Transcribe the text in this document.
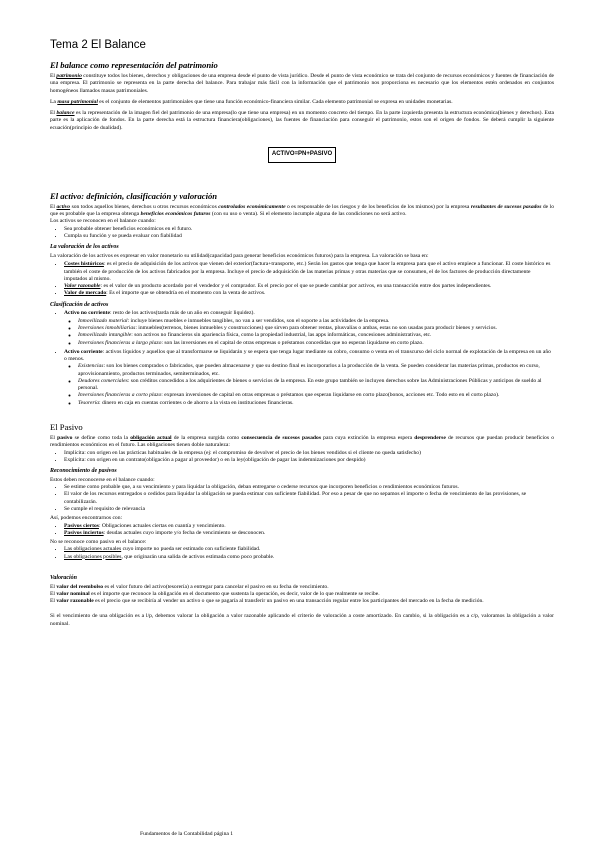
Tema 2 El Balance
El balance como representación del patrimonio

El patrimonio constituye todos los bienes, derechos y obligaciones de una empresa desde el punto de vista jurídico. Desde el punto de vista económico se trata del conjunto de recursos económicos y fuentes de financiación de una empresa. El patrimonio se representa en la parte derecha del balance. Para trabajar más fácil con la información que el patrimonio nos proporciona es necesario que los elementos estén ordenados en conjuntos homogéneos llamados masas patrimoniales.

La masa patrimonial es el conjunto de elementos patrimoniales que tiene una función económico-financiera similar. Cada elemento patrimonial se expresa en unidades monetarias.

El balance es la representación de la imagen fiel del patrimonio de una empresa(lo que tiene una empresa) en un momento concreto del tiempo. En la parte izquierda presenta la estructura económica(bienes y derechos). Esta parte es la aplicación de fondos. En la parte derecha está la estructura financiera(obligaciones), las fuentes de financiación para conseguir el patrimonio, estos son el origen de fondos. Se deberá cumplir la siguiente ecuación(principio de dualidad).

ACTIVO=PN+PASIVO
El activo: definición, clasificación y valoración

El activo son todos aquellos bienes, derechos u otros recursos económicos controlados económicamente o es responsable de los riesgos y de los beneficios de los mismos) por la empresa resultantes de sucesos pasados de lo que es probable que la empresa obtenga beneficios económicos futuros (con su uso o venta). Si el elemento incumple alguna de las condiciones no será activo.

Los activos se reconocen en el balance cuando:

• Sea probable obtener beneficios económicos en el futuro.
• Cumpla su función y se pueda evaluar con fiabilidad
La valoración de los activos

La valoración de los activos es expresar en valor monetario su utilidad(capacidad para generar beneficios económicos futuros) para la empresa. La valoración se basa en:

• Costes históricos: es el precio de adquisición de los activos que vienen del exterior(factura+transporte, etc.) Serán los gastos que tenga que hacer la empresa para que el activo empiece a funcionar. El coste histórico es también el coste de producción de los activos fabricados por la empresa. Incluye el precio de adquisición de las materias primas y otras materias que se consumen, el de los factores de producción directamente imputados al mismo.
• Valor razonable: es el valor de un producto acordado por el vendedor y el comprador. Es el precio por el que se puede cambiar por activos, en una transacción entre dos partes independientes.
• Valor de mercado: Es el importe que se obtendría en el momento con la venta de activos.
Clasificación de activos
• Activo no corriente: resto de los activos(tarda más de un año en conseguir liquidez).
◦ Inmovilizado material: incluye bienes muebles e inmuebles tangibles, no van a ser vendidos, son el soporte a las actividades de la empresa.
◦ Inversiones inmobiliarias: inmuebles(terrenos, bienes inmuebles y construcciones) que sirven para obtener rentas, plusvalías o ambas, estas no son usadas para producir bienes y servicios.
◦ Inmovilizado intangible: son activos no financieros sin apariencia física, como la propiedad industrial, las apps informáticas, concesiones administrativas, etc.
◦ Inversiones financieras a largo plazo: son las inversiones en el capital de otras empresas o préstamos concedidas que no esperan liquidarse en corto plazo.
• Activo corriente: activos líquidos y aquellos que al transformarse se liquidarán y se espera que tenga lugar mediante su cobro, consumo o venta en el transcurso del ciclo normal de explotación de la empresa en un año o menos.
◦ Existencias: son los bienes comprados o fabricados, que pueden almacenarse y que su destino final es incorporarlos a la producción de la venta. Se pueden considerar las materias primas, productos en curso, aprovisionamiento, productos terminados, semiterminados, etc.
◦ Deudores comerciales: son créditos concedidos a los adquirientes de bienes o servicios de la empresa. En este grupo también se incluyen derechos sobre las Administraciones Públicas y anticipos de sueldo al personal.
◦ Inversiones financieras a corto plazo: expresan inversiones de capital en otras empresas o préstamos que esperan liquidarse en corto plazo(bonos, acciones etc. Todo esto en el corto plazo).
◦ Tesorería: dinero en caja en cuentas corrientes o de ahorro a la vista en instituciones financieras.
El Pasivo

El pasivo se define como toda la obligación actual de la empresa surgida como consecuencia de sucesos pasados para cuya extinción la empresa espera desprenderse de recursos que puedan producir beneficios o rendimientos económicos en el futuro. Las obligaciones tienen doble naturaleza:

• Implícita: con origen en las prácticas habituales de la empresa (ej: el compromiso de devolver el precio de los bienes vendidos si el cliente no queda satisfecho)
• Explícita: con origen en un contrato(obligación a pagar al proveedor) o en la ley(obligación de pagar las indemnizaciones por despido)
Reconocimiento de pasivos

Estos deben reconocerse en el balance cuando:

• Se estime como probable que, a su vencimiento y para liquidar la obligación, deban entregarse o cederse recursos que incorporen beneficios o rendimientos económicos futuros.
• El valor de los recursos entregados o cedidos para liquidar la obligación se pueda estimar con suficiente fiabilidad. Por eso a pesar de que no sepamos el importe o fecha de vencimiento de las provisiones, se contabilizarán.
• Se cumple el requisito de relevancia

Así, podemos encontrarnos con:

• Pasivos ciertos: Obligaciones actuales ciertas en cuantía y vencimiento.
• Pasivos inciertos: deudas actuales cuyo importe y/o fecha de vencimiento se desconocen.

No se reconoce como pasivo en el balance:

• Las obligaciones actuales cuyo importe no pueda ser estimado con suficiente fiabilidad.
• Las obligaciones posibles, que originarán una salida de activos estimada como poco probable.
Valoración

El valor del reembolso es el valor futuro del activo(tesorería) a entregar para cancelar el pasivo en su fecha de vencimiento.
El valor nominal es el importe que reconoce la obligación en el documento que sustenta la operación, es decir, valor de lo que realmente se recibe.
El valor razonable es el precio que se recibiría al vender un activo o que se pagaría al transferir un pasivo en una transacción regular entre los participantes del mercado en la fecha de medición.

Si el vencimiento de una obligación es a l/p, debemos valorar la obligación a valor razonable aplicando el criterio de valoración a coste amortizado. En cambio, si la obligación es a c/p, valoramos la obligación a valor nominal.

Fundamentos de la Contabilidad página 1
